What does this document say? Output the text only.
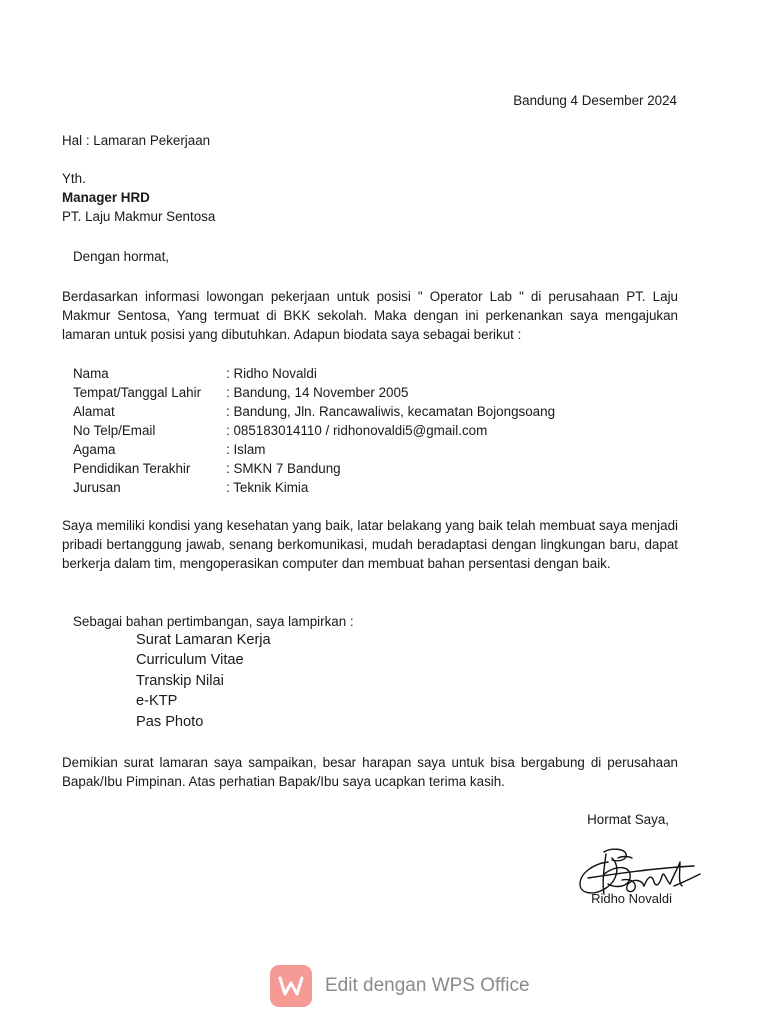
Bandung 4 Desember 2024
Hal : Lamaran Pekerjaan
Yth.
Manager HRD
PT. Laju Makmur Sentosa
Dengan hormat,
Berdasarkan informasi lowongan pekerjaan untuk posisi " Operator Lab " di perusahaan PT. Laju Makmur Sentosa, Yang termuat di BKK sekolah. Maka dengan ini perkenankan saya mengajukan lamaran untuk posisi yang dibutuhkan. Adapun biodata saya sebagai berikut :
Nama	: Ridho Novaldi
Tempat/Tanggal Lahir : Bandung, 14 November 2005
Alamat	: Bandung, Jln. Rancawaliwis, kecamatan Bojongsoang
No Telp/Email	: 085183014110 / ridhonovaldi5@gmail.com
Agama	: Islam
Pendidikan Terakhir	: SMKN 7 Bandung
Jurusan	: Teknik Kimia
Saya memiliki kondisi yang kesehatan yang baik, latar belakang yang baik telah membuat saya menjadi pribadi bertanggung jawab, senang berkomunikasi, mudah beradaptasi dengan lingkungan baru, dapat berkerja dalam tim, mengoperasikan computer dan membuat bahan persentasi dengan baik.
Sebagai bahan pertimbangan, saya lampirkan :
Surat Lamaran Kerja
Curriculum Vitae
Transkip Nilai
e-KTP
Pas Photo
Demikian surat lamaran saya sampaikan, besar harapan saya untuk bisa bergabung di perusahaan Bapak/Ibu Pimpinan. Atas perhatian Bapak/Ibu saya ucapkan terima kasih.
Hormat Saya,
Ridho Novaldi
Edit dengan WPS Office
